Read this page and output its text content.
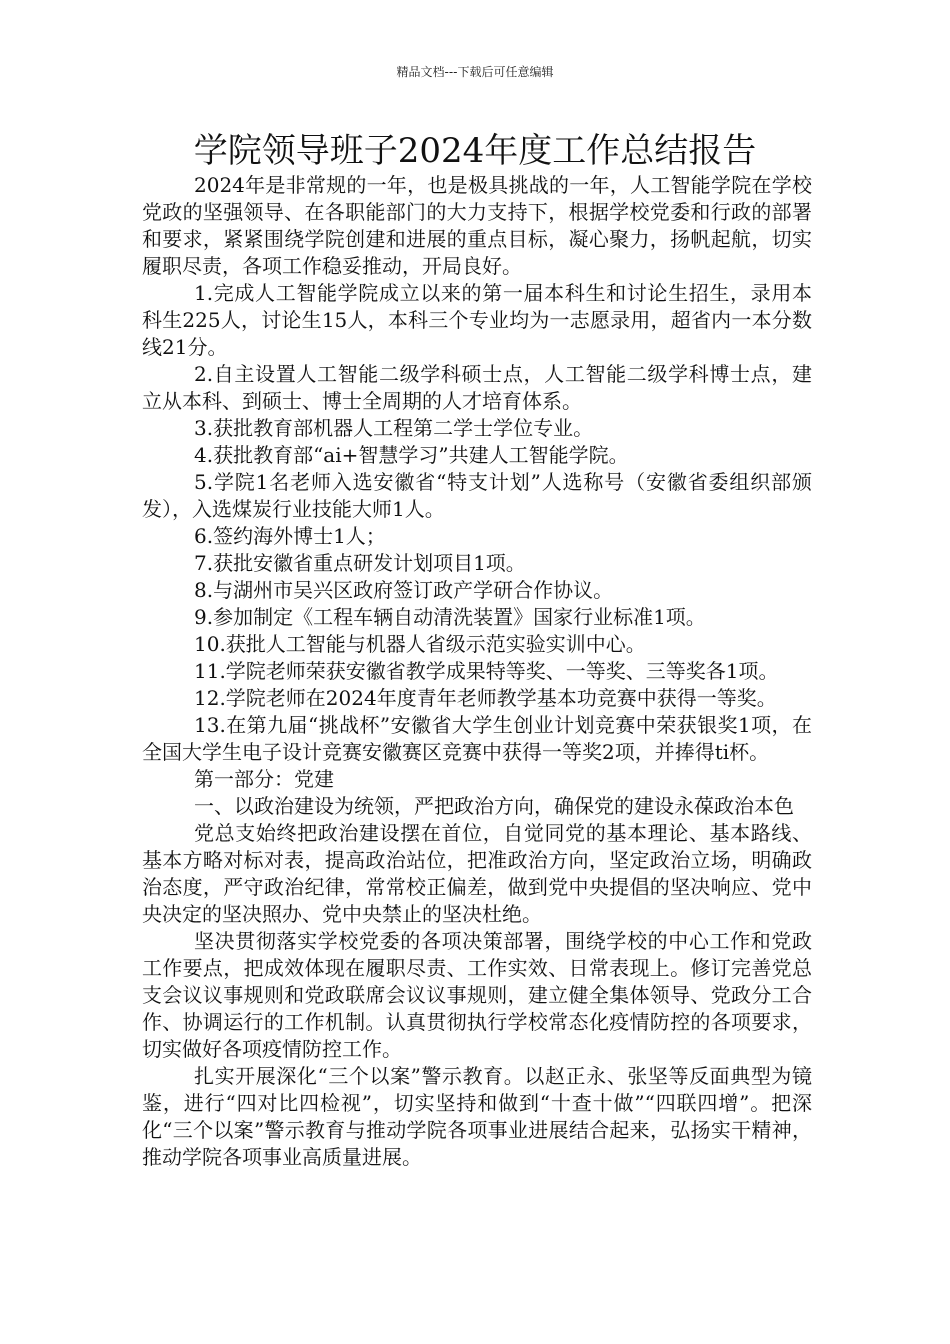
精品文档---下载后可任意编辑
学院领导班子2024年度工作总结报告

2024年是非常规的一年，也是极具挑战的一年，人工智能学院在学校党政的坚强领导、在各职能部门的大力支持下，根据学校党委和行政的部署和要求，紧紧围绕学院创建和进展的重点目标，凝心聚力，扬帆起航，切实履职尽责，各项工作稳妥推动，开局良好。

1.完成人工智能学院成立以来的第一届本科生和讨论生招生，录用本科生225人，讨论生15人，本科三个专业均为一志愿录用，超省内一本分数线21分。

2.自主设置人工智能二级学科硕士点，人工智能二级学科博士点，建立从本科、到硕士、博士全周期的人才培育体系。

3.获批教育部机器人工程第二学士学位专业。

4.获批教育部“ai+智慧学习”共建人工智能学院。

5.学院1名老师入选安徽省“特支计划”人选称号（安徽省委组织部颁发），入选煤炭行业技能大师1人。

6.签约海外博士1人；

7.获批安徽省重点研发计划项目1项。

8.与湖州市吴兴区政府签订政产学研合作协议。

9.参加制定《工程车辆自动清洗装置》国家行业标准1项。

10.获批人工智能与机器人省级示范实验实训中心。

11.学院老师荣获安徽省教学成果特等奖、一等奖、三等奖各1项。

12.学院老师在2024年度青年老师教学基本功竞赛中获得一等奖。

13.在第九届“挑战杯”安徽省大学生创业计划竞赛中荣获银奖1项，在全国大学生电子设计竞赛安徽赛区竞赛中获得一等奖2项，并捧得ti杯。

第一部分：党建

一、以政治建设为统领，严把政治方向，确保党的建设永葆政治本色

党总支始终把政治建设摆在首位，自觉同党的基本理论、基本路线、基本方略对标对表，提高政治站位，把准政治方向，坚定政治立场，明确政治态度，严守政治纪律，常常校正偏差，做到党中央提倡的坚决响应、党中央决定的坚决照办、党中央禁止的坚决杜绝。

坚决贯彻落实学校党委的各项决策部署，围绕学校的中心工作和党政工作要点，把成效体现在履职尽责、工作实效、日常表现上。修订完善党总支会议议事规则和党政联席会议议事规则，建立健全集体领导、党政分工合作、协调运行的工作机制。认真贯彻执行学校常态化疫情防控的各项要求，切实做好各项疫情防控工作。

扎实开展深化“三个以案”警示教育。以赵正永、张坚等反面典型为镜鉴，进行“四对比四检视”，切实坚持和做到“十查十做”“四联四增”。把深化“三个以案”警示教育与推动学院各项事业进展结合起来，弘扬实干精神，推动学院各项事业高质量进展。
